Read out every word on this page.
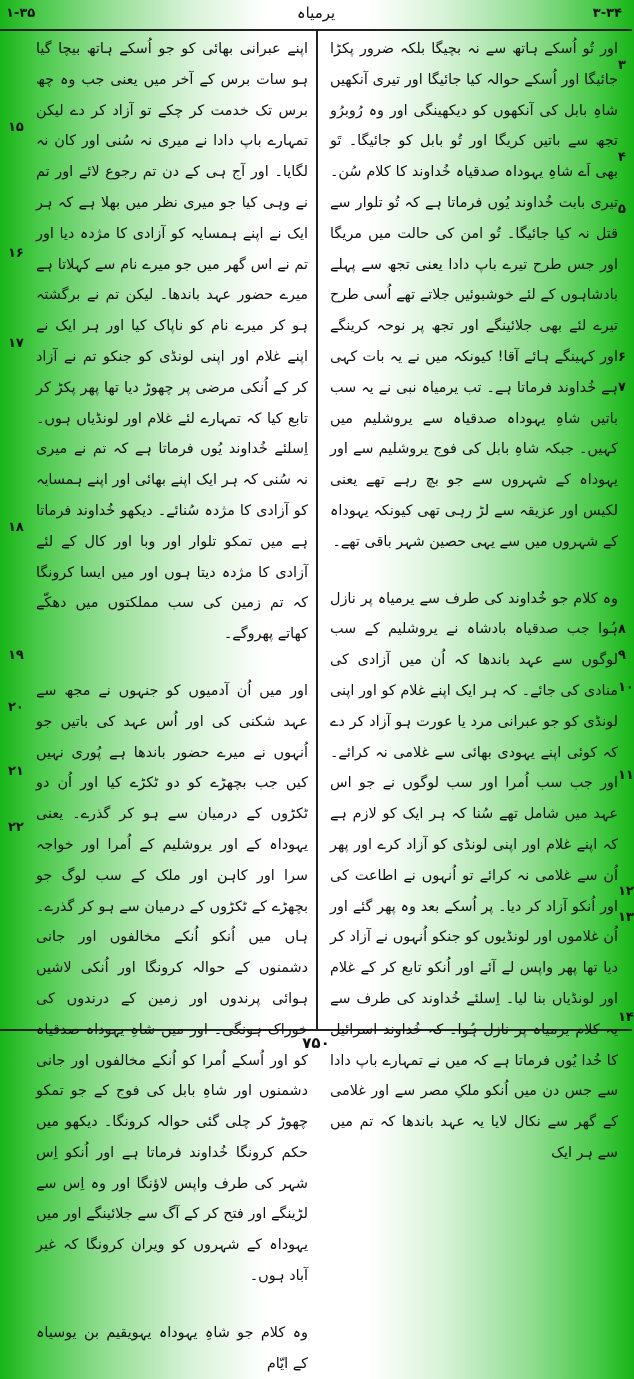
۱-۳۵	یرمیاہ	۳-۳۴

اور تُو اُسکے ہاتھ سے نہ بچیگا بلکہ ضرور پکڑا جائیگا اور اُسکے حوالہ کیا جائیگا اور تیری آنکھیں شاہِ بابل کی آنکھوں کو دیکھینگی اور وہ رُوبرُو تجھ سے باتیں کریگا اور تُو بابل کو جائیگا۔ تَو بھی اَے شاہِ یہوداہ صدقیاہ خُداوند کا کلام سُن۔ تیری بابت خُداوند یُوں فرماتا ہے کہ تُو تلوار سے قتل نہ کیا جائیگا۔ تُو امن کی حالت میں مریگا اور جس طرح تیرے باپ دادا یعنی تجھ سے پہلے بادشاہوں کے لئے خوشبوئیں جلاتے تھے اُسی طرح تیرے لئے بھی جلائینگے اور تجھ پر نوحہ کرینگے اور کہینگے ہائے آقا! کیونکہ میں نے یہ بات کہی ہے خُداوند فرماتا ہے۔ تب یرمیاہ نبی نے یہ سب باتیں شاہِ یہوداہ صدقیاہ سے یروشلیم میں کہیں۔ جبکہ شاہِ بابل کی فوج یروشلیم سے اور یہوداہ کے شہروں سے جو بچ رہے تھے یعنی لکیس اور عزیقہ سے لڑ رہی تھی کیونکہ یہوداہ کے شہروں میں سے یہی حصین شہر باقی تھے۔

وہ کلام جو خُداوند کی طرف سے یرمیاہ پر نازل ہُوا جب صدقیاہ بادشاہ نے یروشلیم کے سب لوگوں سے عہد باندھا کہ اُن میں آزادی کی منادی کی جائے۔ کہ ہر ایک اپنے غلام کو اور اپنی لونڈی کو جو عبرانی مرد یا عورت ہو آزاد کر دے کہ کوئی اپنے یہودی بھائی سے غلامی نہ کرائے۔ اور جب سب اُمرا اور سب لوگوں نے جو اس عہد میں شامل تھے سُنا کہ ہر ایک کو لازم ہے کہ اپنے غلام اور اپنی لونڈی کو آزاد کرے اور پھر اُن سے غلامی نہ کرائے تو اُنہوں نے اطاعت کی اور اُنکو آزاد کر دیا۔ پر اُسکے بعد وہ پھر گئے اور اُن غلاموں اور لونڈیوں کو جنکو اُنہوں نے آزاد کر دیا تھا پھر واپس لے آئے اور اُنکو تابع کر کے غلام اور لونڈیاں بنا لیا۔ اِسلئے خُداوند کی طرف سے یہ کلام یرمیاہ پر نازل ہُوا۔ کہ خُداوند اسرائیل کا خُدا یُوں فرماتا ہے کہ میں نے تمہارے باپ دادا سے جس دن میں اُنکو ملکِ مصر سے اور غلامی کے گھر سے نکال لایا یہ عہد باندھا کہ تم میں سے ہر ایک

اپنے عبرانی بھائی کو جو اُسکے ہاتھ بیچا گیا ہو سات برس کے آخر میں یعنی جب وہ چھ برس تک خدمت کر چکے تو آزاد کر دے لیکن تمہارے باپ دادا نے میری نہ سُنی اور کان نہ لگایا۔ اور آج ہی کے دن تم رجوع لائے اور تم نے وہی کیا جو میری نظر میں بھلا ہے کہ ہر ایک نے اپنے ہمسایہ کو آزادی کا مژدہ دیا اور تم نے اس گھر میں جو میرے نام سے کہلاتا ہے میرے حضور عہد باندھا۔ لیکن تم نے برگشتہ ہو کر میرے نام کو ناپاک کیا اور ہر ایک نے اپنے غلام اور اپنی لونڈی کو جنکو تم نے آزاد کر کے اُنکی مرضی پر چھوڑ دیا تھا پھر پکڑ کر تابع کیا کہ تمہارے لئے غلام اور لونڈیاں ہوں۔ اِسلئے خُداوند یُوں فرماتا ہے کہ تم نے میری نہ سُنی کہ ہر ایک اپنے بھائی اور اپنے ہمسایہ کو آزادی کا مژدہ سُنائے۔ دیکھو خُداوند فرماتا ہے میں تمکو تلوار اور وبا اور کال کے لئے آزادی کا مژدہ دیتا ہوں اور میں ایسا کرونگا کہ تم زمین کی سب مملکتوں میں دھکّے کھاتے پھروگے۔

اور میں اُن آدمیوں کو جنہوں نے مجھ سے عہد شکنی کی اور اُس عہد کی باتیں جو اُنہوں نے میرے حضور باندھا ہے پُوری نہیں کیں جب بچھڑے کو دو ٹکڑے کیا اور اُن دو ٹکڑوں کے درمیان سے ہو کر گذرے۔ یعنی یہوداہ کے اور یروشلیم کے اُمرا اور خواجہ سرا اور کاہن اور ملک کے سب لوگ جو بچھڑے کے ٹکڑوں کے درمیان سے ہو کر گذرے۔ ہاں میں اُنکو اُنکے مخالفوں اور جانی دشمنوں کے حوالہ کرونگا اور اُنکی لاشیں ہوائی پرندوں اور زمین کے درندوں کی خوراک ہونگی۔ اور میں شاہِ یہوداہ صدقیاہ کو اور اُسکے اُمرا کو اُنکے مخالفوں اور جانی دشمنوں اور شاہِ بابل کی فوج کے جو تمکو چھوڑ کر چلی گئی حوالہ کرونگا۔ دیکھو میں حکم کرونگا خُداوند فرماتا ہے اور اُنکو اِس شہر کی طرف واپس لاؤنگا اور وہ اِس سے لڑینگے اور فتح کر کے آگ سے جلائینگے اور میں یہوداہ کے شہروں کو ویران کرونگا کہ غیر آباد ہوں۔

وہ کلام جو شاہِ یہوداہ یہویقیم بن یوسیاہ کے ایّام

۳
۴
۵
۶
۷
۸
۹
۱۰
۱۱
۱۲
۱۳
۱۴
۱۵
۱۶
۱۷
۱۸
۱۹
۲۰
۲۱
۲۲
۷۵۰
